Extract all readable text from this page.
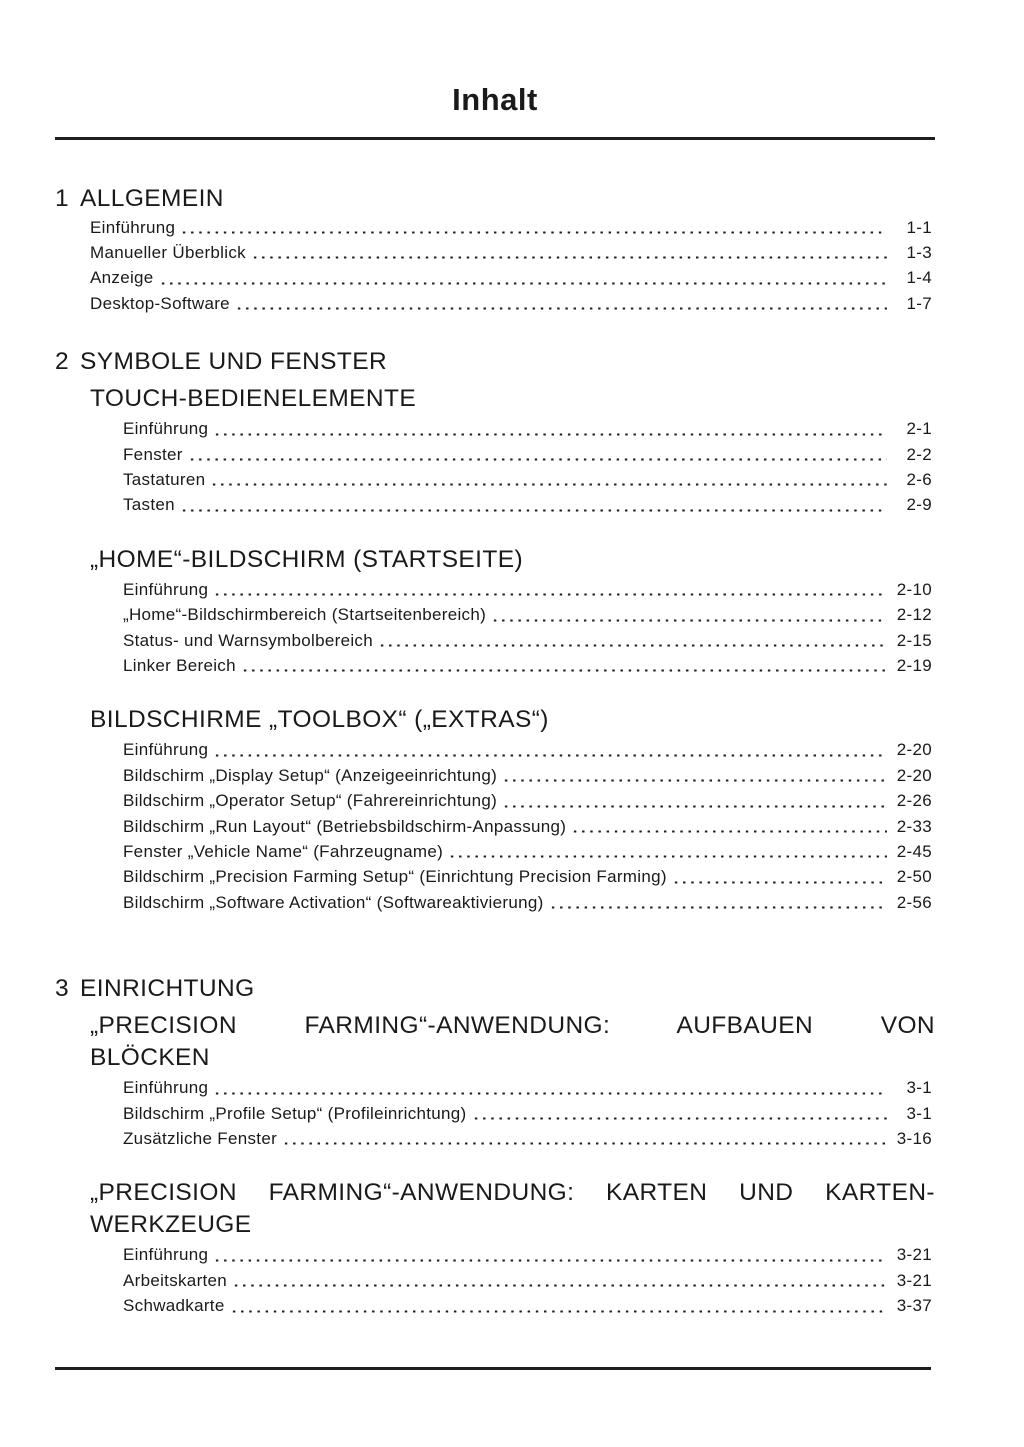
Inhalt
1 ALLGEMEIN
Einführung	1-1
Manueller Überblick	1-3
Anzeige	1-4
Desktop-Software	1-7
2 SYMBOLE UND FENSTER
TOUCH-BEDIENELEMENTE
Einführung	2-1
Fenster	2-2
Tastaturen	2-6
Tasten	2-9
„HOME“-BILDSCHIRM (STARTSEITE)
Einführung	2-10
„Home“-Bildschirmbereich (Startseitenbereich)	2-12
Status- und Warnsymbolbereich	2-15
Linker Bereich	2-19
BILDSCHIRME „TOOLBOX“ („EXTRAS“)
Einführung	2-20
Bildschirm „Display Setup“ (Anzeigeeinrichtung)	2-20
Bildschirm „Operator Setup“ (Fahrereinrichtung)	2-26
Bildschirm „Run Layout“ (Betriebsbildschirm-Anpassung)	2-33
Fenster „Vehicle Name“ (Fahrzeugname)	2-45
Bildschirm „Precision Farming Setup“ (Einrichtung Precision Farming)	2-50
Bildschirm „Software Activation“ (Softwareaktivierung)	2-56
3 EINRICHTUNG
„PRECISION FARMING“-ANWENDUNG: AUFBAUEN VON
BLÖCKEN
Einführung	3-1
Bildschirm „Profile Setup“ (Profileinrichtung)	3-1
Zusätzliche Fenster	3-16
„PRECISION FARMING“-ANWENDUNG: KARTEN UND KARTEN-
WERKZEUGE
Einführung	3-21
Arbeitskarten	3-21
Schwadkarte	3-37
